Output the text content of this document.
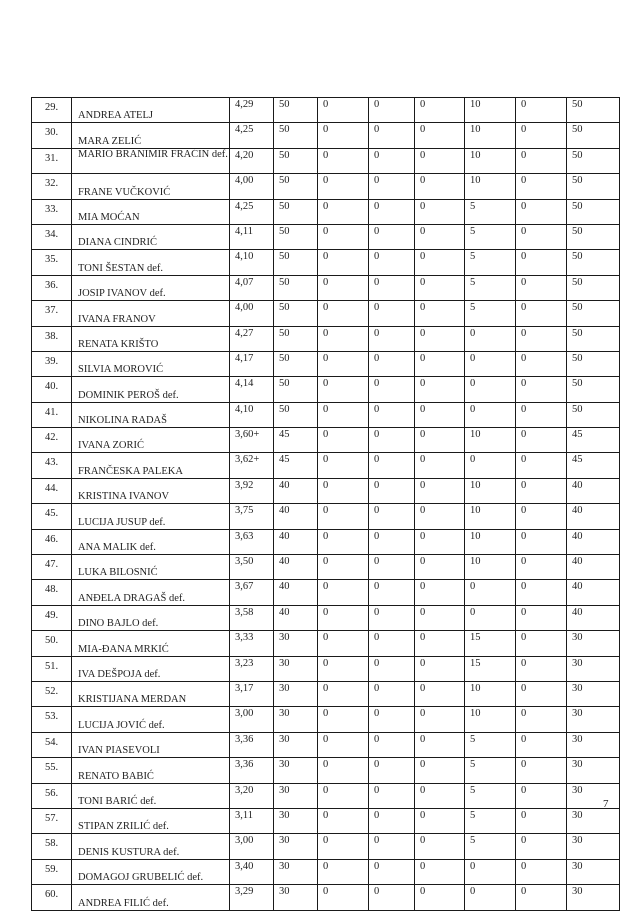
29.	ANDREA ATELJ	4,29	50	0	0	0	10	0	50
30.	MARA ZELIĆ	4,25	50	0	0	0	10	0	50
31.	MARIO BRANIMIR FRAĆIN def.	4,20	50	0	0	0	10	0	50
32.	FRANE VUČKOVIĆ	4,00	50	0	0	0	10	0	50
33.	MIA MOĆAN	4,25	50	0	0	0	5	0	50
34.	DIANA CINDRIĆ	4,11	50	0	0	0	5	0	50
35.	TONI ŠESTAN def.	4,10	50	0	0	0	5	0	50
36.	JOSIP IVANOV def.	4,07	50	0	0	0	5	0	50
37.	IVANA FRANOV	4,00	50	0	0	0	5	0	50
38.	RENATA KRIŠTO	4,27	50	0	0	0	0	0	50
39.	SILVIA MOROVIĆ	4,17	50	0	0	0	0	0	50
40.	DOMINIK PEROŠ def.	4,14	50	0	0	0	0	0	50
41.	NIKOLINA RADAŠ	4,10	50	0	0	0	0	0	50
42.	IVANA ZORIĆ	3,60+	45	0	0	0	10	0	45
43.	FRANČESKA PALEKA	3,62+	45	0	0	0	0	0	45
44.	KRISTINA IVANOV	3,92	40	0	0	0	10	0	40
45.	LUCIJA JUSUP def.	3,75	40	0	0	0	10	0	40
46.	ANA MALIK def.	3,63	40	0	0	0	10	0	40
47.	LUKA BILOSNIĆ	3,50	40	0	0	0	10	0	40
48.	ANĐELA DRAGAŠ def.	3,67	40	0	0	0	0	0	40
49.	DINO BAJLO def.	3,58	40	0	0	0	0	0	40
50.	MIA-ĐANA MRKIĆ	3,33	30	0	0	0	15	0	30
51.	IVA DEŠPOJA def.	3,23	30	0	0	0	15	0	30
52.	KRISTIJANA MERDAN	3,17	30	0	0	0	10	0	30
53.	LUCIJA JOVIĆ def.	3,00	30	0	0	0	10	0	30
54.	IVAN PIASEVOLI	3,36	30	0	0	0	5	0	30
55.	RENATO BABIĆ	3,36	30	0	0	0	5	0	30
56.	TONI BARIĆ def.	3,20	30	0	0	0	5	0	30
57.	STIPAN ZRILIĆ def.	3,11	30	0	0	0	5	0	30
58.	DENIS KUSTURA def.	3,00	30	0	0	0	5	0	30
59.	DOMAGOJ GRUBELIĆ def.	3,40	30	0	0	0	0	0	30
60.	ANDREA FILIĆ def.	3,29	30	0	0	0	0	0	30
7
